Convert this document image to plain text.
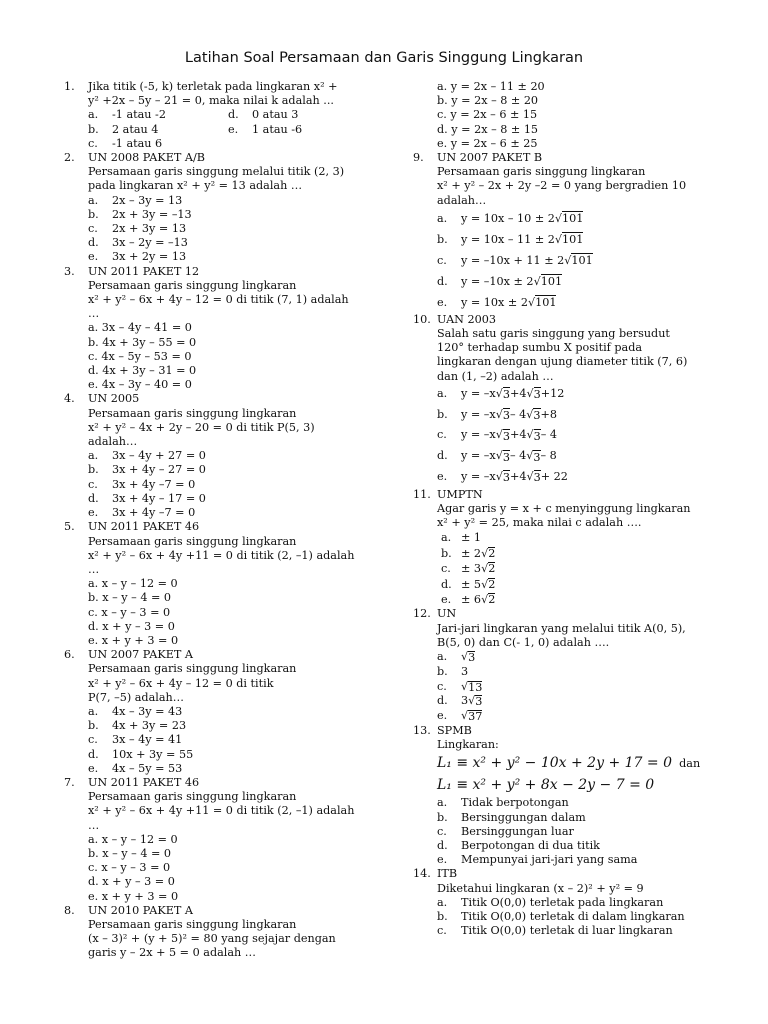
Latihan Soal Persamaan dan Garis Singgung Lingkaran
1. Jika titik (-5, k) terletak pada lingkaran x² +
y² +2x – 5y – 21 = 0, maka nilai k adalah ...
a.	-1 atau -2	d.	0 atau 3
b.	2 atau 4	e.	1 atau -6
c.	-1 atau 6
2. UN 2008 PAKET A/B
Persamaan garis singgung melalui titik (2, 3)
pada lingkaran x² + y² = 13 adalah …
a.	2x – 3y = 13
b.	2x + 3y = –13
c.	2x + 3y = 13
d.	3x – 2y = –13
e.	3x + 2y = 13
3. UN 2011 PAKET 12
Persamaan garis singgung lingkaran
x² + y² – 6x + 4y – 12 = 0 di titik (7, 1) adalah
…
a. 3x – 4y – 41 = 0
b. 4x + 3y – 55 = 0
c. 4x – 5y – 53 = 0
d. 4x + 3y – 31 = 0
e. 4x – 3y – 40 = 0
4. UN 2005
Persamaan garis singgung lingkaran
x² + y² – 4x + 2y – 20 = 0 di titik P(5, 3)
adalah…
a.	3x – 4y + 27 = 0
b.	3x + 4y – 27 = 0
c.	3x + 4y –7 = 0
d.	3x + 4y – 17 = 0
e.	3x + 4y –7 = 0
5. UN 2011 PAKET 46
Persamaan garis singgung lingkaran
x² + y² – 6x + 4y +11 = 0 di titik (2, –1) adalah
…
a. x – y – 12 = 0
b. x – y – 4 = 0
c. x – y – 3 = 0
d. x + y – 3 = 0
e. x + y + 3 = 0
6. UN 2007 PAKET A
Persamaan garis singgung lingkaran
x² + y² – 6x + 4y – 12 = 0 di titik
P(7, –5) adalah…
a.	4x – 3y = 43
b.	4x + 3y = 23
c.	3x – 4y = 41
d.	10x + 3y = 55
e.	4x – 5y = 53
7. UN 2011 PAKET 46
Persamaan garis singgung lingkaran
x² + y² – 6x + 4y +11 = 0 di titik (2, –1) adalah
…
a. x – y – 12 = 0
b. x – y – 4 = 0
c. x – y – 3 = 0
d. x + y – 3 = 0
e. x + y + 3 = 0
8. UN 2010 PAKET A
Persamaan garis singgung lingkaran
(x – 3)² + (y + 5)² = 80 yang sejajar dengan
garis y – 2x + 5 = 0 adalah …
a. y = 2x – 11 ± 20
b. y = 2x – 8 ± 20
c. y = 2x – 6 ± 15
d. y = 2x – 8 ± 15
e. y = 2x – 6 ± 25
9. UN 2007 PAKET B
Persamaan garis singgung lingkaran
x² + y² – 2x + 2y –2 = 0 yang bergradien 10
adalah…
a.	y = 10x – 10 ± 2 √ 101
b.	y = 10x – 11 ± 2 √ 101
c.	y = –10x + 11 ± 2 √ 101
d.	y = –10x ± 2 √ 101
e.	y = 10x ± 2 √ 101
10. UAN 2003
Salah satu garis singgung yang bersudut
120° terhadap sumbu X positif pada
lingkaran dengan ujung diameter titik (7, 6)
dan (1, –2) adalah …
a.	y = –x √ 3 +4 √ 3 +12
b.	y = –x √ 3 – 4 √ 3 +8
c.	y = –x √ 3 +4 √ 3 – 4
d.	y = –x √ 3 – 4 √ 3 – 8
e.	y = –x √ 3 +4 √ 3 + 22
11. UMPTN
Agar garis y = x + c menyinggung lingkaran
x² + y² = 25, maka nilai c adalah ….
a. ± 1
b. ± 2 √ 2
c. ± 3 √ 2
d. ± 5 √ 2
e. ± 6 √ 2
12. UN
Jari-jari lingkaran yang melalui titik A(0, 5),
B(5, 0) dan C(- 1, 0) adalah ….
a.	√ 3
b.	3
c.	√ 13
d.	3 √ 3
e.	√ 37
13. SPMB
Lingkaran:
L₁ ≡ x² + y² − 10x + 2y + 17 = 0 dan
L₁ ≡ x² + y² + 8x − 2y − 7 = 0
a.	Tidak berpotongan
b.	Bersinggungan dalam
c.	Bersinggungan luar
d.	Berpotongan di dua titik
e.	Mempunyai jari-jari yang sama
14. ITB
Diketahui lingkaran (x – 2)² + y² = 9
a.	Titik O(0,0) terletak pada lingkaran
b.	Titik O(0,0) terletak di dalam lingkaran
c.	Titik O(0,0) terletak di luar lingkaran
